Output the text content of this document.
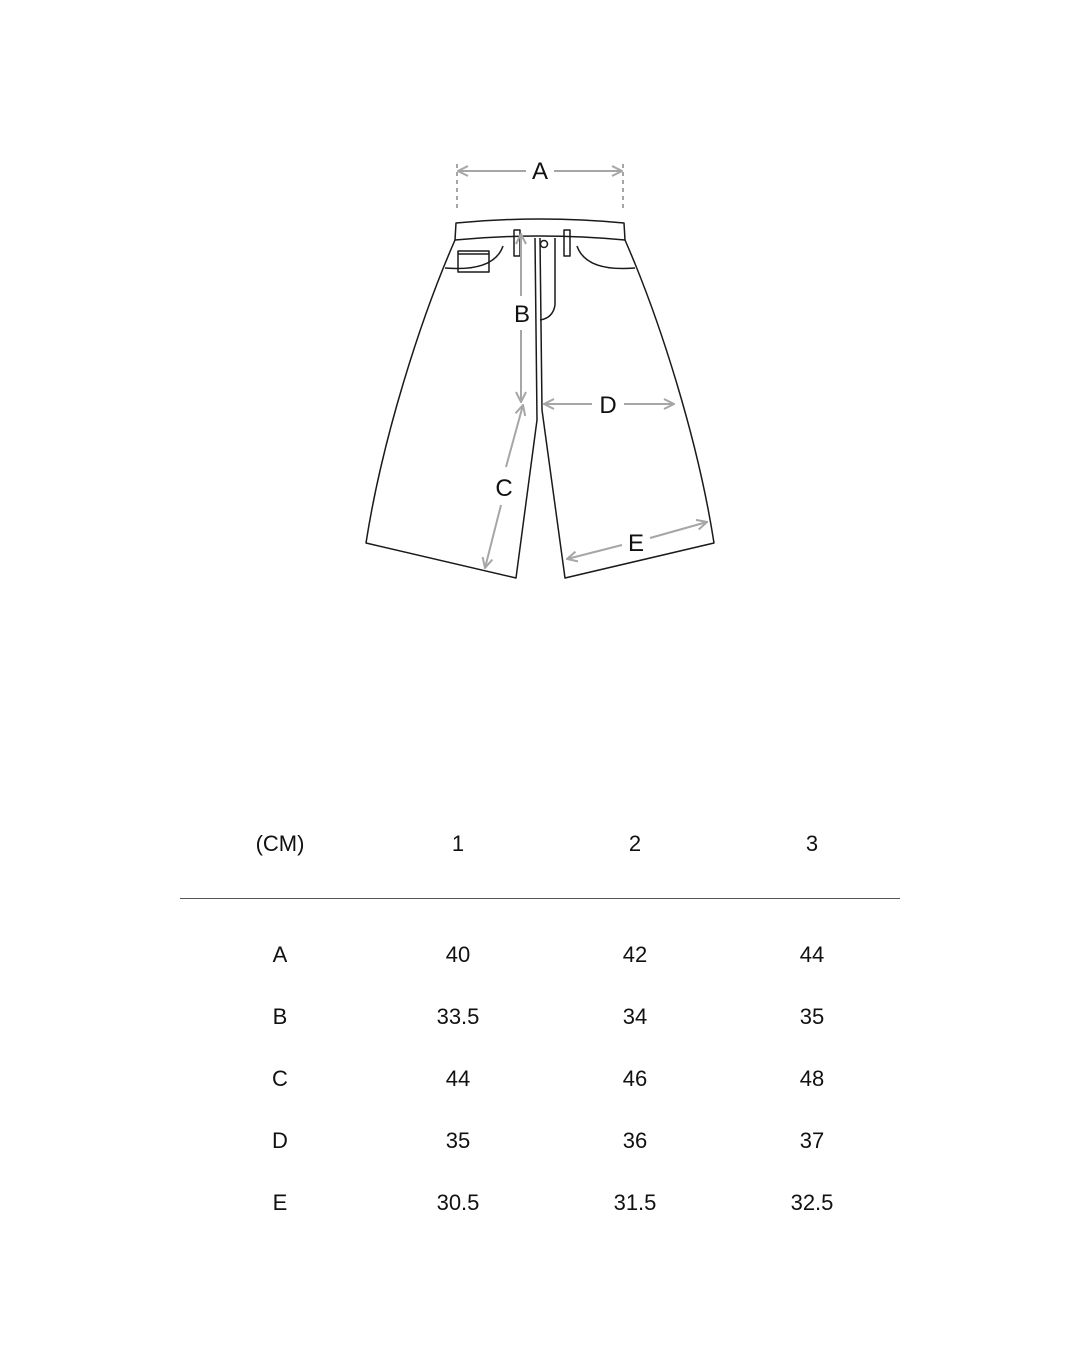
A
B
C
D
E
(CM)	1	2	3
A	40	42	44
B	33.5	34	35
C	44	46	48
D	35	36	37
E	30.5	31.5	32.5
